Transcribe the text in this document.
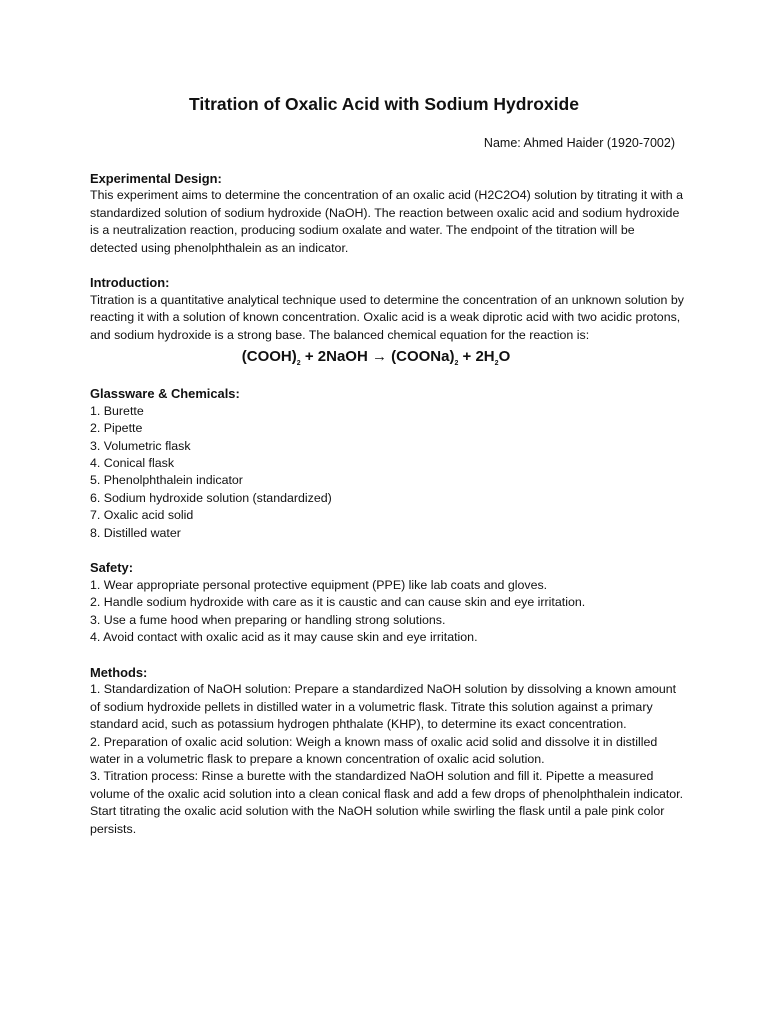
Titration of Oxalic Acid with Sodium Hydroxide
Name: Ahmed Haider (1920-7002)
Experimental Design:

This experiment aims to determine the concentration of an oxalic acid (H2C2O4) solution by titrating it with a standardized solution of sodium hydroxide (NaOH). The reaction between oxalic acid and sodium hydroxide is a neutralization reaction, producing sodium oxalate and water. The endpoint of the titration will be detected using phenolphthalein as an indicator.

Introduction:

Titration is a quantitative analytical technique used to determine the concentration of an unknown solution by reacting it with a solution of known concentration. Oxalic acid is a weak diprotic acid with two acidic protons, and sodium hydroxide is a strong base. The balanced chemical equation for the reaction is:

$(COOH)_2$ + 2NaOH → $(COONa)_2 + 2H_2O$
Glassware & Chemicals:
1. Burette
2. Pipette
3. Volumetric flask
4. Conical flask
5. Phenolphthalein indicator
6. Sodium hydroxide solution (standardized)
7. Oxalic acid solid
8. Distilled water
Safety:
1. Wear appropriate personal protective equipment (PPE) like lab coats and gloves.
2. Handle sodium hydroxide with care as it is caustic and can cause skin and eye irritation.
3. Use a fume hood when preparing or handling strong solutions.
4. Avoid contact with oxalic acid as it may cause skin and eye irritation.
Methods:
1. Standardization of NaOH solution: Prepare a standardized NaOH solution by dissolving a known amount of sodium hydroxide pellets in distilled water in a volumetric flask. Titrate this solution against a primary standard acid, such as potassium hydrogen phthalate (KHP), to determine its exact concentration.
2. Preparation of oxalic acid solution: Weigh a known mass of oxalic acid solid and dissolve it in distilled water in a volumetric flask to prepare a known concentration of oxalic acid solution.
3. Titration process: Rinse a burette with the standardized NaOH solution and fill it. Pipette a measured volume of the oxalic acid solution into a clean conical flask and add a few drops of phenolphthalein indicator. Start titrating the oxalic acid solution with the NaOH solution while swirling the flask until a pale pink color persists.
